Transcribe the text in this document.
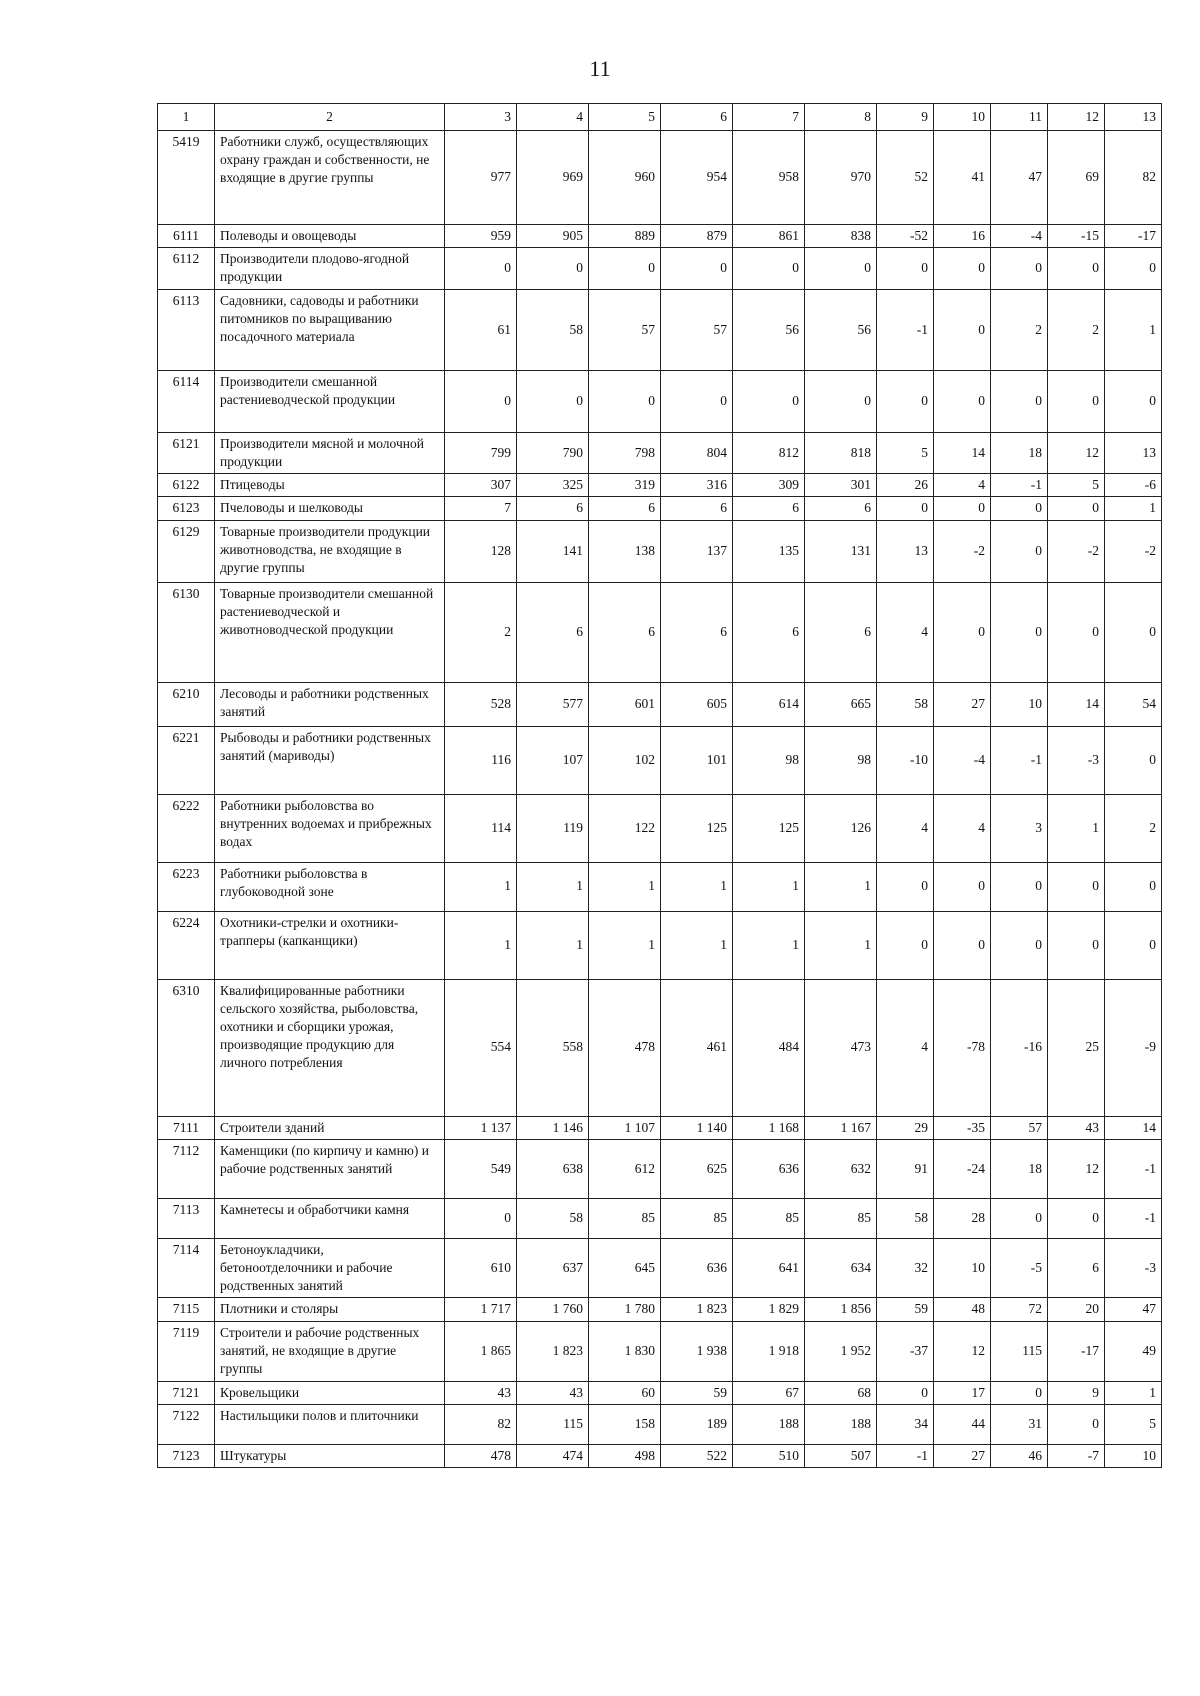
11
1	2	3	4	5	6	7	8	9	10	11	12	13
5419	Работники служб, осуществляющих охрану граждан и собственности, не входящие в другие группы	977	969	960	954	958	970	52	41	47	69	82
6111	Полеводы и овощеводы	959	905	889	879	861	838	-52	16	-4	-15	-17
6112	Производители плодово-ягодной продукции	0	0	0	0	0	0	0	0	0	0	0
6113	Садовники, садоводы и работники питомников по выращиванию посадочного материала	61	58	57	57	56	56	-1	0	2	2	1
6114	Производители смешанной растениеводческой продукции	0	0	0	0	0	0	0	0	0	0	0
6121	Производители мясной и молочной продукции	799	790	798	804	812	818	5	14	18	12	13
6122	Птицеводы	307	325	319	316	309	301	26	4	-1	5	-6
6123	Пчеловоды и шелководы	7	6	6	6	6	6	0	0	0	0	1
6129	Товарные производители продукции животноводства, не входящие в другие группы	128	141	138	137	135	131	13	-2	0	-2	-2
6130	Товарные производители смешанной растениеводческой и животноводческой продукции	2	6	6	6	6	6	4	0	0	0	0
6210	Лесоводы и работники родственных занятий	528	577	601	605	614	665	58	27	10	14	54
6221	Рыбоводы и работники родственных занятий (мариводы)	116	107	102	101	98	98	-10	-4	-1	-3	0
6222	Работники рыболовства во внутренних водоемах и прибрежных водах	114	119	122	125	125	126	4	4	3	1	2
6223	Работники рыболовства в глубоководной зоне	1	1	1	1	1	1	0	0	0	0	0
6224	Охотники-стрелки и охотники-трапперы (капканщики)	1	1	1	1	1	1	0	0	0	0	0
6310	Квалифицированные работники сельского хозяйства, рыболовства, охотники и сборщики урожая, производящие продукцию для личного потребления	554	558	478	461	484	473	4	-78	-16	25	-9
7111	Строители зданий	1 137	1 146	1 107	1 140	1 168	1 167	29	-35	57	43	14
7112	Каменщики (по кирпичу и камню) и рабочие родственных занятий	549	638	612	625	636	632	91	-24	18	12	-1
7113	Камнетесы и обработчики камня	0	58	85	85	85	85	58	28	0	0	-1
7114	Бетоноукладчики, бетоноотделочники и рабочие родственных занятий	610	637	645	636	641	634	32	10	-5	6	-3
7115	Плотники и столяры	1 717	1 760	1 780	1 823	1 829	1 856	59	48	72	20	47
7119	Строители и рабочие родственных занятий, не входящие в другие группы	1 865	1 823	1 830	1 938	1 918	1 952	-37	12	115	-17	49
7121	Кровельщики	43	43	60	59	67	68	0	17	0	9	1
7122	Настильщики полов и плиточники	82	115	158	189	188	188	34	44	31	0	5
7123	Штукатуры	478	474	498	522	510	507	-1	27	46	-7	10
